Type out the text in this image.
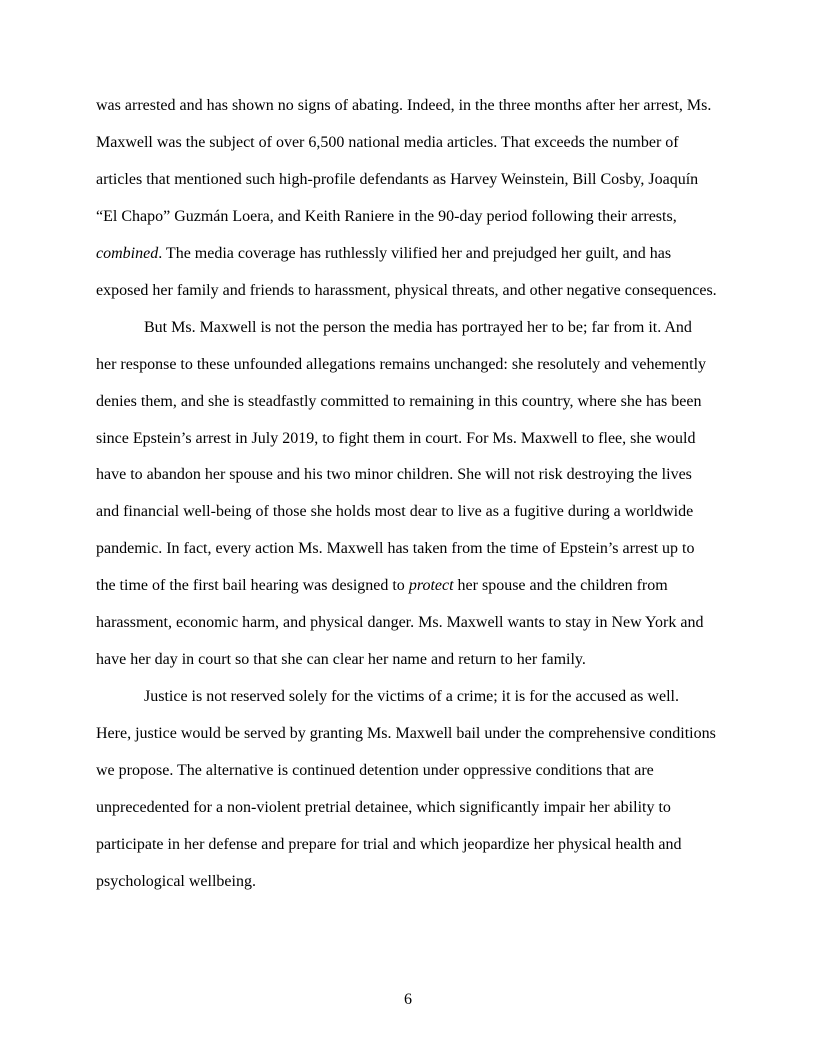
was arrested and has shown no signs of abating. Indeed, in the three months after her arrest, Ms.

Maxwell was the subject of over 6,500 national media articles. That exceeds the number of

articles that mentioned such high-profile defendants as Harvey Weinstein, Bill Cosby, Joaquín

“El Chapo” Guzmán Loera, and Keith Raniere in the 90-day period following their arrests,

combined. The media coverage has ruthlessly vilified her and prejudged her guilt, and has

exposed her family and friends to harassment, physical threats, and other negative consequences.

But Ms. Maxwell is not the person the media has portrayed her to be; far from it. And

her response to these unfounded allegations remains unchanged: she resolutely and vehemently

denies them, and she is steadfastly committed to remaining in this country, where she has been

since Epstein’s arrest in July 2019, to fight them in court. For Ms. Maxwell to flee, she would

have to abandon her spouse and his two minor children. She will not risk destroying the lives

and financial well-being of those she holds most dear to live as a fugitive during a worldwide

pandemic. In fact, every action Ms. Maxwell has taken from the time of Epstein’s arrest up to

the time of the first bail hearing was designed to protect her spouse and the children from

harassment, economic harm, and physical danger. Ms. Maxwell wants to stay in New York and

have her day in court so that she can clear her name and return to her family.

Justice is not reserved solely for the victims of a crime; it is for the accused as well.

Here, justice would be served by granting Ms. Maxwell bail under the comprehensive conditions

we propose. The alternative is continued detention under oppressive conditions that are

unprecedented for a non-violent pretrial detainee, which significantly impair her ability to

participate in her defense and prepare for trial and which jeopardize her physical health and

psychological wellbeing.

6
